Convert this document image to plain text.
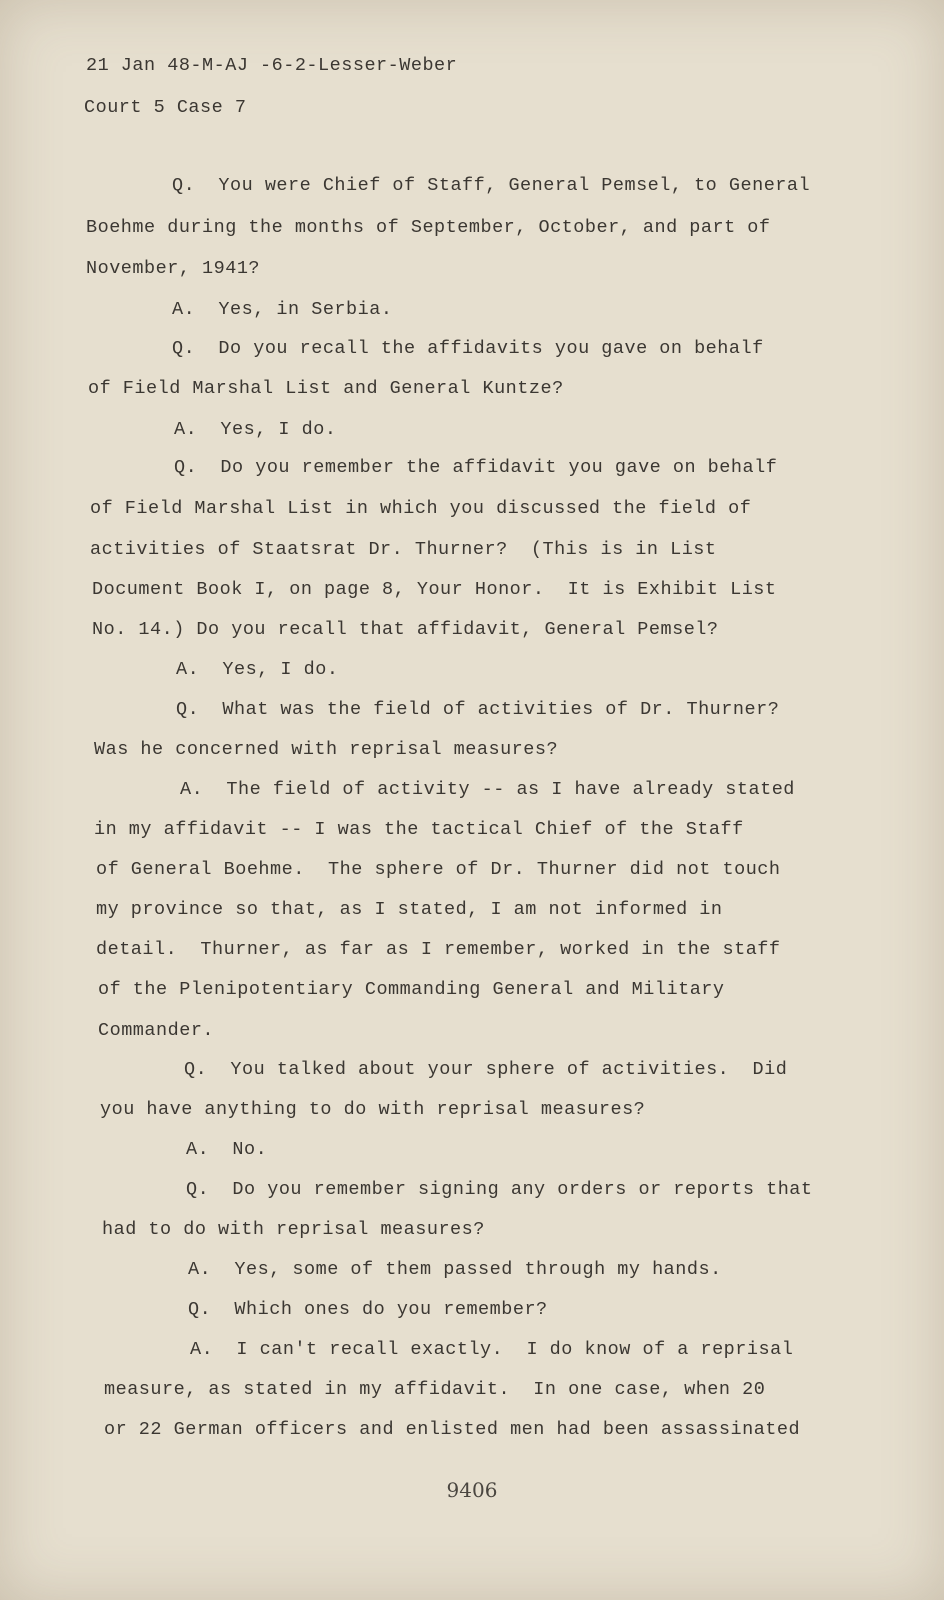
21 Jan 48-M-AJ -6-2-Lesser-Weber

Court 5 Case 7

Q.  You were Chief of Staff, General Pemsel, to General

Boehme during the months of September, October, and part of

November, 1941?

A.  Yes, in Serbia.

Q.  Do you recall the affidavits you gave on behalf

of Field Marshal List and General Kuntze?

A.  Yes, I do.

Q.  Do you remember the affidavit you gave on behalf

of Field Marshal List in which you discussed the field of

activities of Staatsrat Dr. Thurner?  (This is in List

Document Book I, on page 8, Your Honor.  It is Exhibit List

No. 14.) Do you recall that affidavit, General Pemsel?

A.  Yes, I do.

Q.  What was the field of activities of Dr. Thurner?

Was he concerned with reprisal measures?

A.  The field of activity -- as I have already stated

in my affidavit -- I was the tactical Chief of the Staff

of General Boehme.  The sphere of Dr. Thurner did not touch

my province so that, as I stated, I am not informed in

detail.  Thurner, as far as I remember, worked in the staff

of the Plenipotentiary Commanding General and Military

Commander.

Q.  You talked about your sphere of activities.  Did

you have anything to do with reprisal measures?

A.  No.

Q.  Do you remember signing any orders or reports that

had to do with reprisal measures?

A.  Yes, some of them passed through my hands.

Q.  Which ones do you remember?

A.  I can't recall exactly.  I do know of a reprisal

measure, as stated in my affidavit.  In one case, when 20

or 22 German officers and enlisted men had been assassinated

9406
